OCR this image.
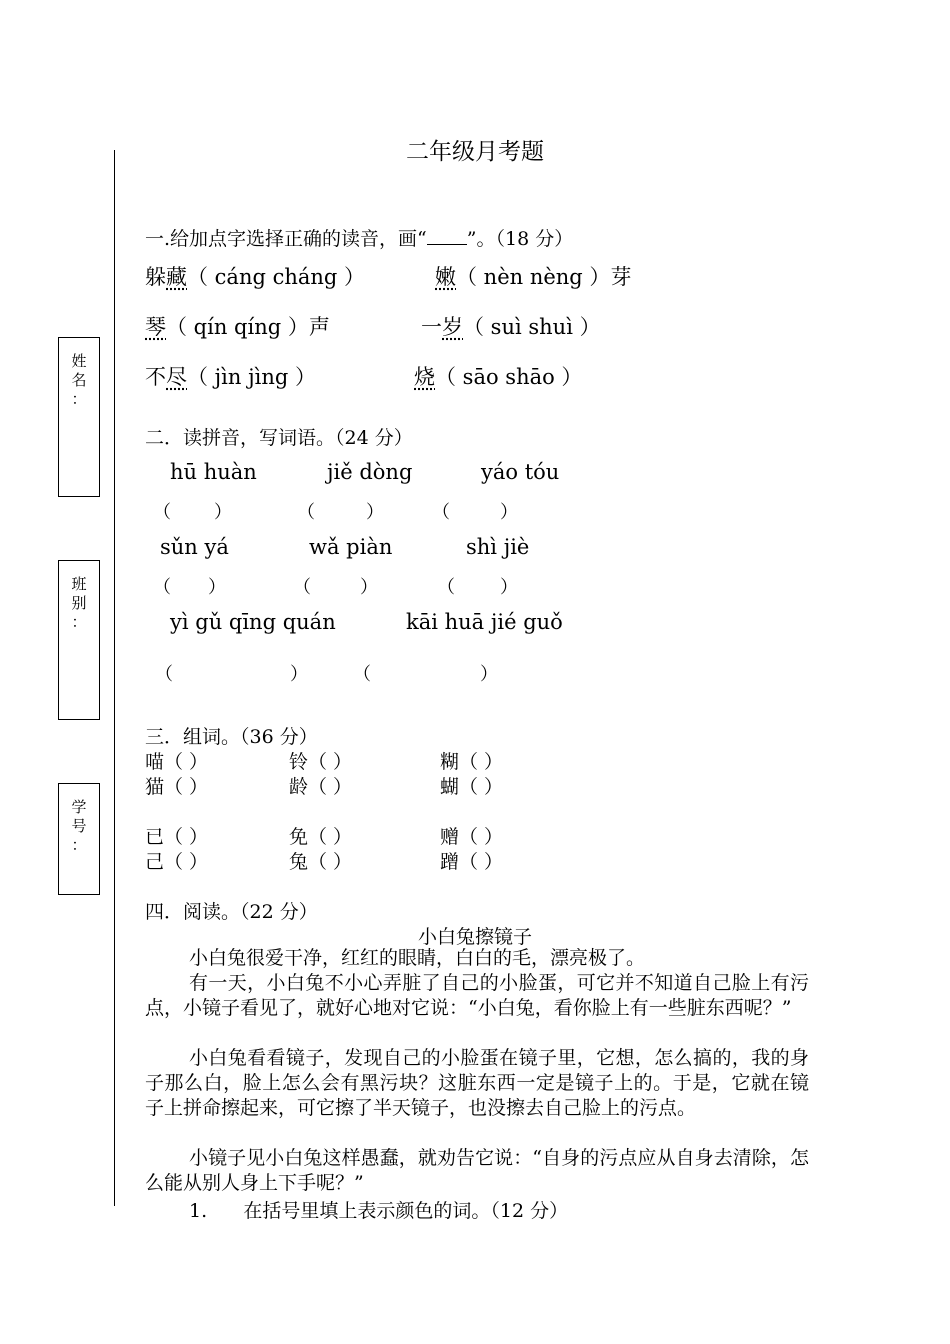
姓
名
：
班
别
：
学
号
：
二年级月考题
一.给加点字选择正确的读音，画“ ”。（18 分）
躲藏（ cáng cháng ）	嫩（ nèn nèng ）芽
琴（ qín qíng ）声	一岁（ suì shuì ）
不尽（ jìn jìng ）	烧（ sāo shāo ）
二．读拼音，写词语。（24 分）
hū huàn	jiě dòng	yáo tóu
（ ）	（	）	（	）
sǔn yá	wǎ piàn	shì jiè
（ ）	（	）	（	）
yì gǔ qīng quán	kāi huā jié guǒ
（	）	（	）
三．组词。（36 分）
喵（ ）	铃（ ）	糊（ ）
猫（ ）	龄（ ）	蝴（ ）
已（ ）	免（ ）	赠（ ）
己（ ）	兔（ ）	蹭（ ）
四．阅读。（22 分）
小白兔擦镜子
小白兔很爱干净，红红的眼睛，白白的毛，漂亮极了。
有一天，小白兔不小心弄脏了自己的小脸蛋，可它并不知道自己脸上有污点，小镜子看见了，就好心地对它说：“小白兔，看你脸上有一些脏东西呢？”
小白兔看看镜子，发现自己的小脸蛋在镜子里，它想，怎么搞的，我的身子那么白，脸上怎么会有黑污块？这脏东西一定是镜子上的。于是，它就在镜子上拼命擦起来，可它擦了半天镜子，也没擦去自己脸上的污点。
小镜子见小白兔这样愚蠢，就劝告它说：“自身的污点应从自身去清除，怎么能从别人身上下手呢？”
1.      在括号里填上表示颜色的词。（12 分）
